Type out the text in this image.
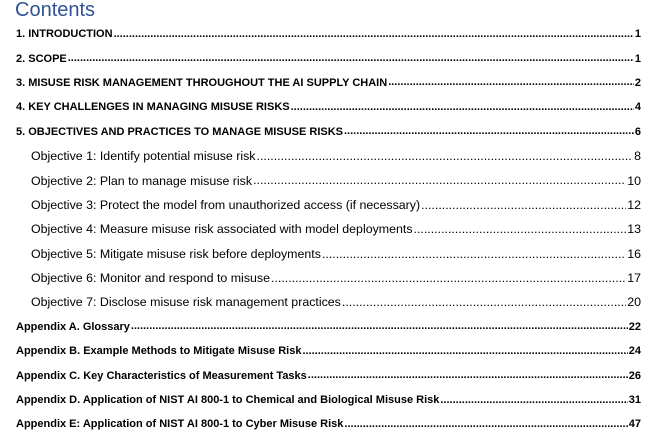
Contents
1. INTRODUCTION .....	1
2. SCOPE .....	1
3. MISUSE RISK MANAGEMENT THROUGHOUT THE AI SUPPLY CHAIN .....	2
4. KEY CHALLENGES IN MANAGING MISUSE RISKS .....	4
5. OBJECTIVES AND PRACTICES TO MANAGE MISUSE RISKS .....	6
Objective 1: Identify potential misuse risk .....	8
Objective 2: Plan to manage misuse risk .....	10
Objective 3: Protect the model from unauthorized access (if necessary) .....	12
Objective 4: Measure misuse risk associated with model deployments .....	13
Objective 5: Mitigate misuse risk before deployments .....	16
Objective 6: Monitor and respond to misuse .....	17
Objective 7: Disclose misuse risk management practices .....	20
Appendix A. Glossary .....	22
Appendix B. Example Methods to Mitigate Misuse Risk .....	24
Appendix C. Key Characteristics of Measurement Tasks .....	26
Appendix D. Application of NIST AI 800-1 to Chemical and Biological Misuse Risk .....	31
Appendix E: Application of NIST AI 800-1 to Cyber Misuse Risk .....	47
